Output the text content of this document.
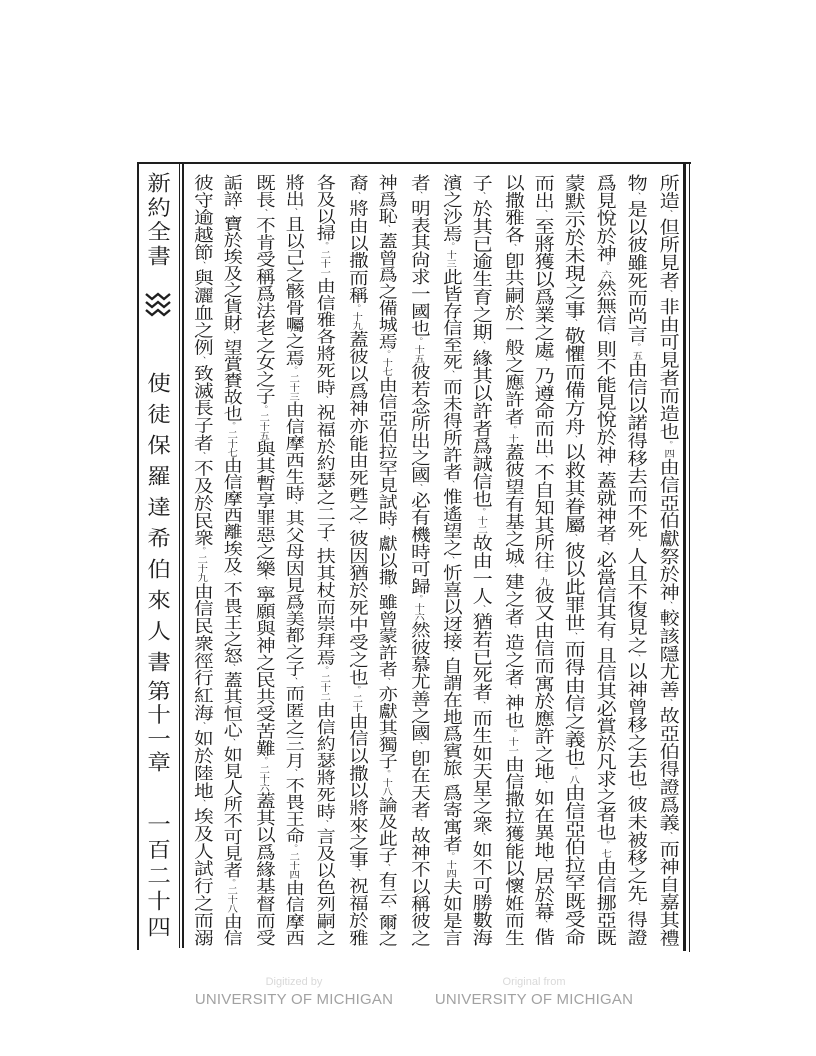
新約全書
使徒保羅達希伯來人書
第十一章
一百二十四
所造、但所見者、非由可見者而造也。四由信亞伯獻祭於神、較該隱尤善、故亞伯得證爲義、而神自嘉其禮
物、是以彼雖死而尚言。五由信以諾得移去而不死、人且不復見之、以神曾移之去也、彼未被移之先、得證
爲見悅於神。六然無信、則不能見悅於神、蓋就神者、必當信其有、且信其必賞於凡求之者也。七由信挪亞既
蒙默示於未現之事、敬懼而備方舟、以救其眷屬、彼以此罪世、而得由信之義也。八由信亞伯拉罕既受命
而出、至將獲以爲業之處、乃遵命而出、不自知其所往。九彼又由信而寓於應許之地、如在異地、居於幕、偕
以撒雅各、卽共嗣於一般之應許者。十蓋彼望有基之城、建之者、造之者、神也。十一由信撒拉獲能以懷姙而生
子、於其已逾生育之期、緣其以許者爲誠信也。十二故由一人、猶若已死者、而生如天星之衆、如不可勝數海
濱之沙焉。十三此皆存信至死、而未得所許者、惟遙望之、忻喜以迓接、自謂在地爲賓旅、爲寄寓者。十四夫如是言
者、明表其尙求一國也。十五彼若念所出之國、必有機時可歸。十六然彼慕尤善之國、卽在天者、故神不以稱彼之
神爲恥、蓋曾爲之備城焉。十七由信亞伯拉罕見試時、獻以撒、雖曾蒙許者、亦獻其獨子。十八論及此子、有云、爾之
裔、將由以撒而稱。十九蓋彼以爲神亦能由死甦之、彼因猶於死中受之也。二十由信以撒以將來之事、祝福於雅
各及以掃。二十一由信雅各將死時、祝福於約瑟之二子、扶其杖而崇拜焉。二十二由信約瑟將死時、言及以色列嗣之
將出、且以己之骸骨囑之焉。二十三由信摩西生時、其父母因見爲美都之子、而匿之三月、不畏王命。二十四由信摩西
既長、不肯受稱爲法老之女之子。二十五與其暫享罪惡之樂、寧願與神之民共受苦難。二十六蓋其以爲緣基督而受
詬誶、寶於埃及之貨財、望賞賚故也。二十七由信摩西離埃及、不畏王之怒、蓋其恒心、如見人所不可見者。二十八由信
彼守逾越節、與灑血之例、致滅長子者、不及於民衆。二十九由信民衆徑行紅海、如於陸地、埃及人試行之而溺
Digitized by
UNIVERSITY OF MICHIGAN
Original from
UNIVERSITY OF MICHIGAN
